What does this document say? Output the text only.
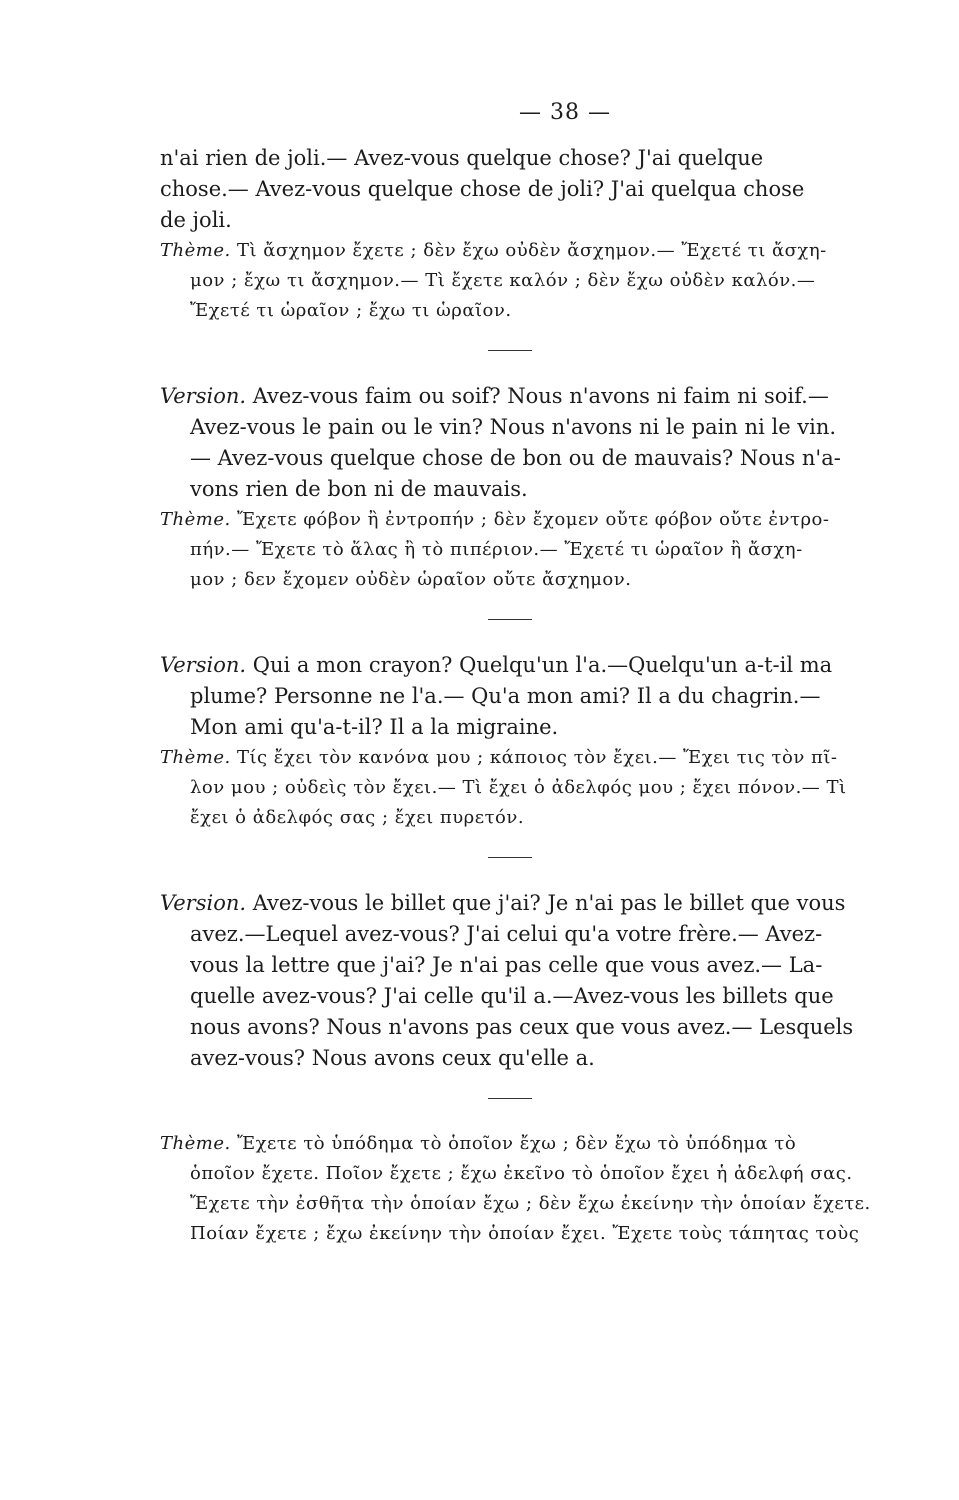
— 38 —
n'ai rien de joli.— Avez-vous quelque chose? J'ai quelque
chose.— Avez-vous quelque chose de joli? J'ai quelqua chose
de joli.
Thème. Τὶ ἄσχημον ἔχετε ; δὲν ἔχω οὐδὲν ἄσχημον.— Ἔχετέ τι ἄσχη-
μον ; ἔχω τι ἄσχημον.— Τὶ ἔχετε καλόν ; δὲν ἔχω οὐδὲν καλόν.—
Ἔχετέ τι ὡραῖον ; ἔχω τι ὡραῖον.
Version. Avez-vous faim ou soif? Nous n'avons ni faim ni soif.—
Avez-vous le pain ou le vin? Nous n'avons ni le pain ni le vin.
— Avez-vous quelque chose de bon ou de mauvais? Nous n'a-
vons rien de bon ni de mauvais.
Thème. Ἔχετε φόβον ἢ ἐντροπήν ; δὲν ἔχομεν οὔτε φόβον οὔτε ἐντρο-
πήν.— Ἔχετε τὸ ἅλας ἢ τὸ πιπέριον.— Ἔχετέ τι ὡραῖον ἢ ἄσχη-
μον ; δεν ἔχομεν οὐδὲν ὡραῖον οὔτε ἄσχημον.
Version. Qui a mon crayon? Quelqu'un l'a.—Quelqu'un a-t-il ma
plume? Personne ne l'a.— Qu'a mon ami? Il a du chagrin.—
Mon ami qu'a-t-il? Il a la migraine.
Thème. Τίς ἔχει τὸν κανόνα μου ; κάποιος τὸν ἔχει.— Ἔχει τις τὸν πῖ-
λον μου ; οὐδεὶς τὸν ἔχει.— Τὶ ἔχει ὁ ἀδελφός μου ; ἔχει πόνον.— Τὶ
ἔχει ὁ ἀδελφός σας ; ἔχει πυρετόν.
Version. Avez-vous le billet que j'ai? Je n'ai pas le billet que vous
avez.—Lequel avez-vous? J'ai celui qu'a votre frère.— Avez-
vous la lettre que j'ai? Je n'ai pas celle que vous avez.— La-
quelle avez-vous? J'ai celle qu'il a.—Avez-vous les billets que
nous avons? Nous n'avons pas ceux que vous avez.— Lesquels
avez-vous? Nous avons ceux qu'elle a.
Thème. Ἔχετε τὸ ὑπόδημα τὸ ὁποῖον ἔχω ; δὲν ἔχω τὸ ὑπόδημα τὸ
ὁποῖον ἔχετε. Ποῖον ἔχετε ; ἔχω ἐκεῖνο τὸ ὁποῖον ἔχει ἡ ἀδελφή σας.
Ἔχετε τὴν ἐσθῆτα τὴν ὁποίαν ἔχω ; δὲν ἔχω ἐκείνην τὴν ὁποίαν ἔχετε.
Ποίαν ἔχετε ; ἔχω ἐκείνην τὴν ὁποίαν ἔχει. Ἔχετε τοὺς τάπητας τοὺς
